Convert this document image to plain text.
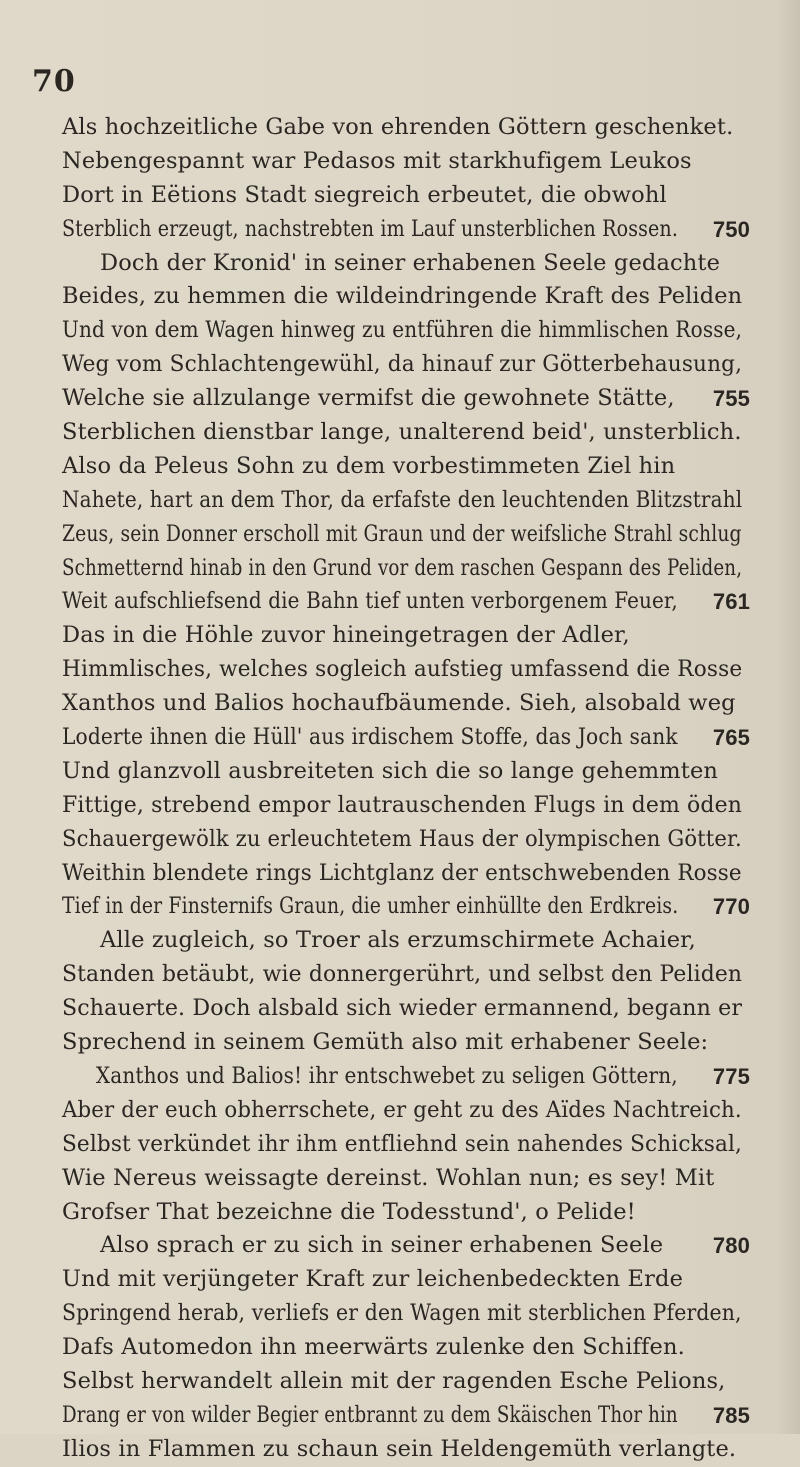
70
Als hochzeitliche Gabe von ehrenden Göttern geschenket.
Nebengespannt war Pedasos mit starkhufigem Leukos
Dort in Eëtions Stadt siegreich erbeutet, die obwohl
Sterblich erzeugt, nachstrebten im Lauf unsterblichen Rossen. 750
Doch der Kronid' in seiner erhabenen Seele gedachte
Beides, zu hemmen die wildeindringende Kraft des Peliden
Und von dem Wagen hinweg zu entführen die himmlischen Rosse,
Weg vom Schlachtengewühl, da hinauf zur Götterbehausung,
Welche sie allzulange vermifst die gewohnete Stätte, 755
Sterblichen dienstbar lange, unalterend beid', unsterblich.
Also da Peleus Sohn zu dem vorbestimmeten Ziel hin
Nahete, hart an dem Thor, da erfafste den leuchtenden Blitzstrahl
Zeus, sein Donner erscholl mit Graun und der weifsliche Strahl schlug
Schmetternd hinab in den Grund vor dem raschen Gespann des Peliden,
Weit aufschliefsend die Bahn tief unten verborgenem Feuer, 761
Das in die Höhle zuvor hineingetragen der Adler,
Himmlisches, welches sogleich aufstieg umfassend die Rosse
Xanthos und Balios hochaufbäumende. Sieh, alsobald weg
Loderte ihnen die Hüll' aus irdischem Stoffe, das Joch sank 765
Und glanzvoll ausbreiteten sich die so lange gehemmten
Fittige, strebend empor lautrauschenden Flugs in dem öden
Schauergewölk zu erleuchtetem Haus der olympischen Götter.
Weithin blendete rings Lichtglanz der entschwebenden Rosse
Tief in der Finsternifs Graun, die umher einhüllte den Erdkreis. 770
Alle zugleich, so Troer als erzumschirmete Achaier,
Standen betäubt, wie donnergerührt, und selbst den Peliden
Schauerte. Doch alsbald sich wieder ermannend, begann er
Sprechend in seinem Gemüth also mit erhabener Seele:
Xanthos und Balios! ihr entschwebet zu seligen Göttern, 775
Aber der euch obherrschete, er geht zu des Aïdes Nachtreich.
Selbst verkündet ihr ihm entfliehnd sein nahendes Schicksal,
Wie Nereus weissagte dereinst. Wohlan nun; es sey! Mit
Grofser That bezeichne die Todesstund', o Pelide!
Also sprach er zu sich in seiner erhabenen Seele 780
Und mit verjüngeter Kraft zur leichenbedeckten Erde
Springend herab, verliefs er den Wagen mit sterblichen Pferden,
Dafs Automedon ihn meerwärts zulenke den Schiffen.
Selbst herwandelt allein mit der ragenden Esche Pelions,
Drang er von wilder Begier entbrannt zu dem Skäischen Thor hin 785
Ilios in Flammen zu schaun sein Heldengemüth verlangte.
